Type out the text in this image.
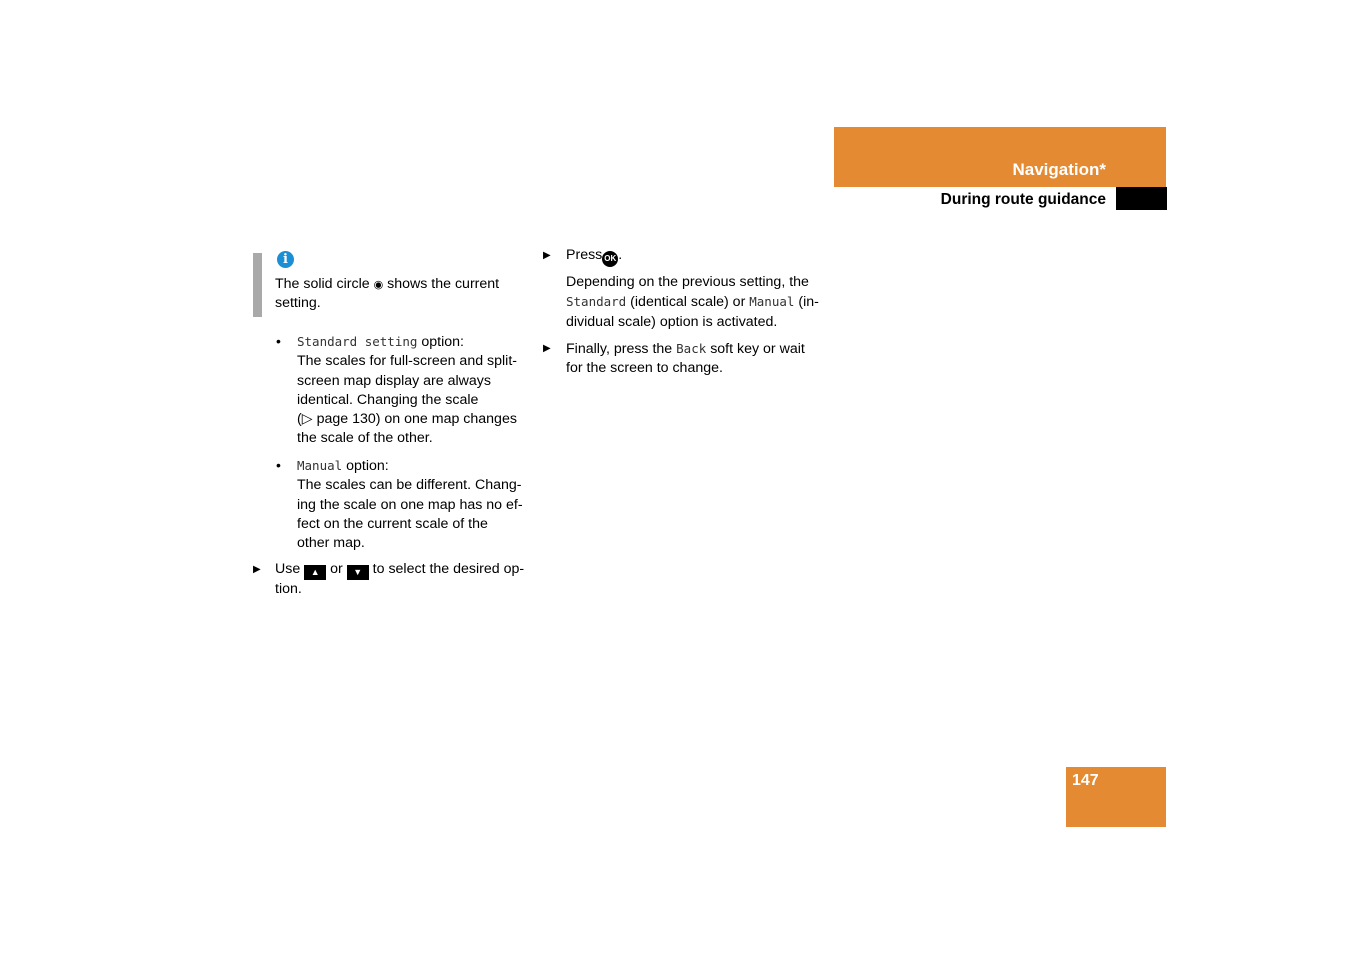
Navigation*
During route guidance
i
The solid circle ◉ shows the current
setting.
• Standard setting option:
The scales for full-screen and split-
screen map display are always
identical. Changing the scale
(▷ page 130) on one map changes
the scale of the other.
• Manual option:
The scales can be different. Chang-
ing the scale on one map has no ef-
fect on the current scale of the
other map.
▶ Use ▲ or ▼ to select the desired op-
tion.
▶ Press OK .
Depending on the previous setting, the
Standard (identical scale) or Manual (in-
dividual scale) option is activated.
▶ Finally, press the Back soft key or wait
for the screen to change.
147
